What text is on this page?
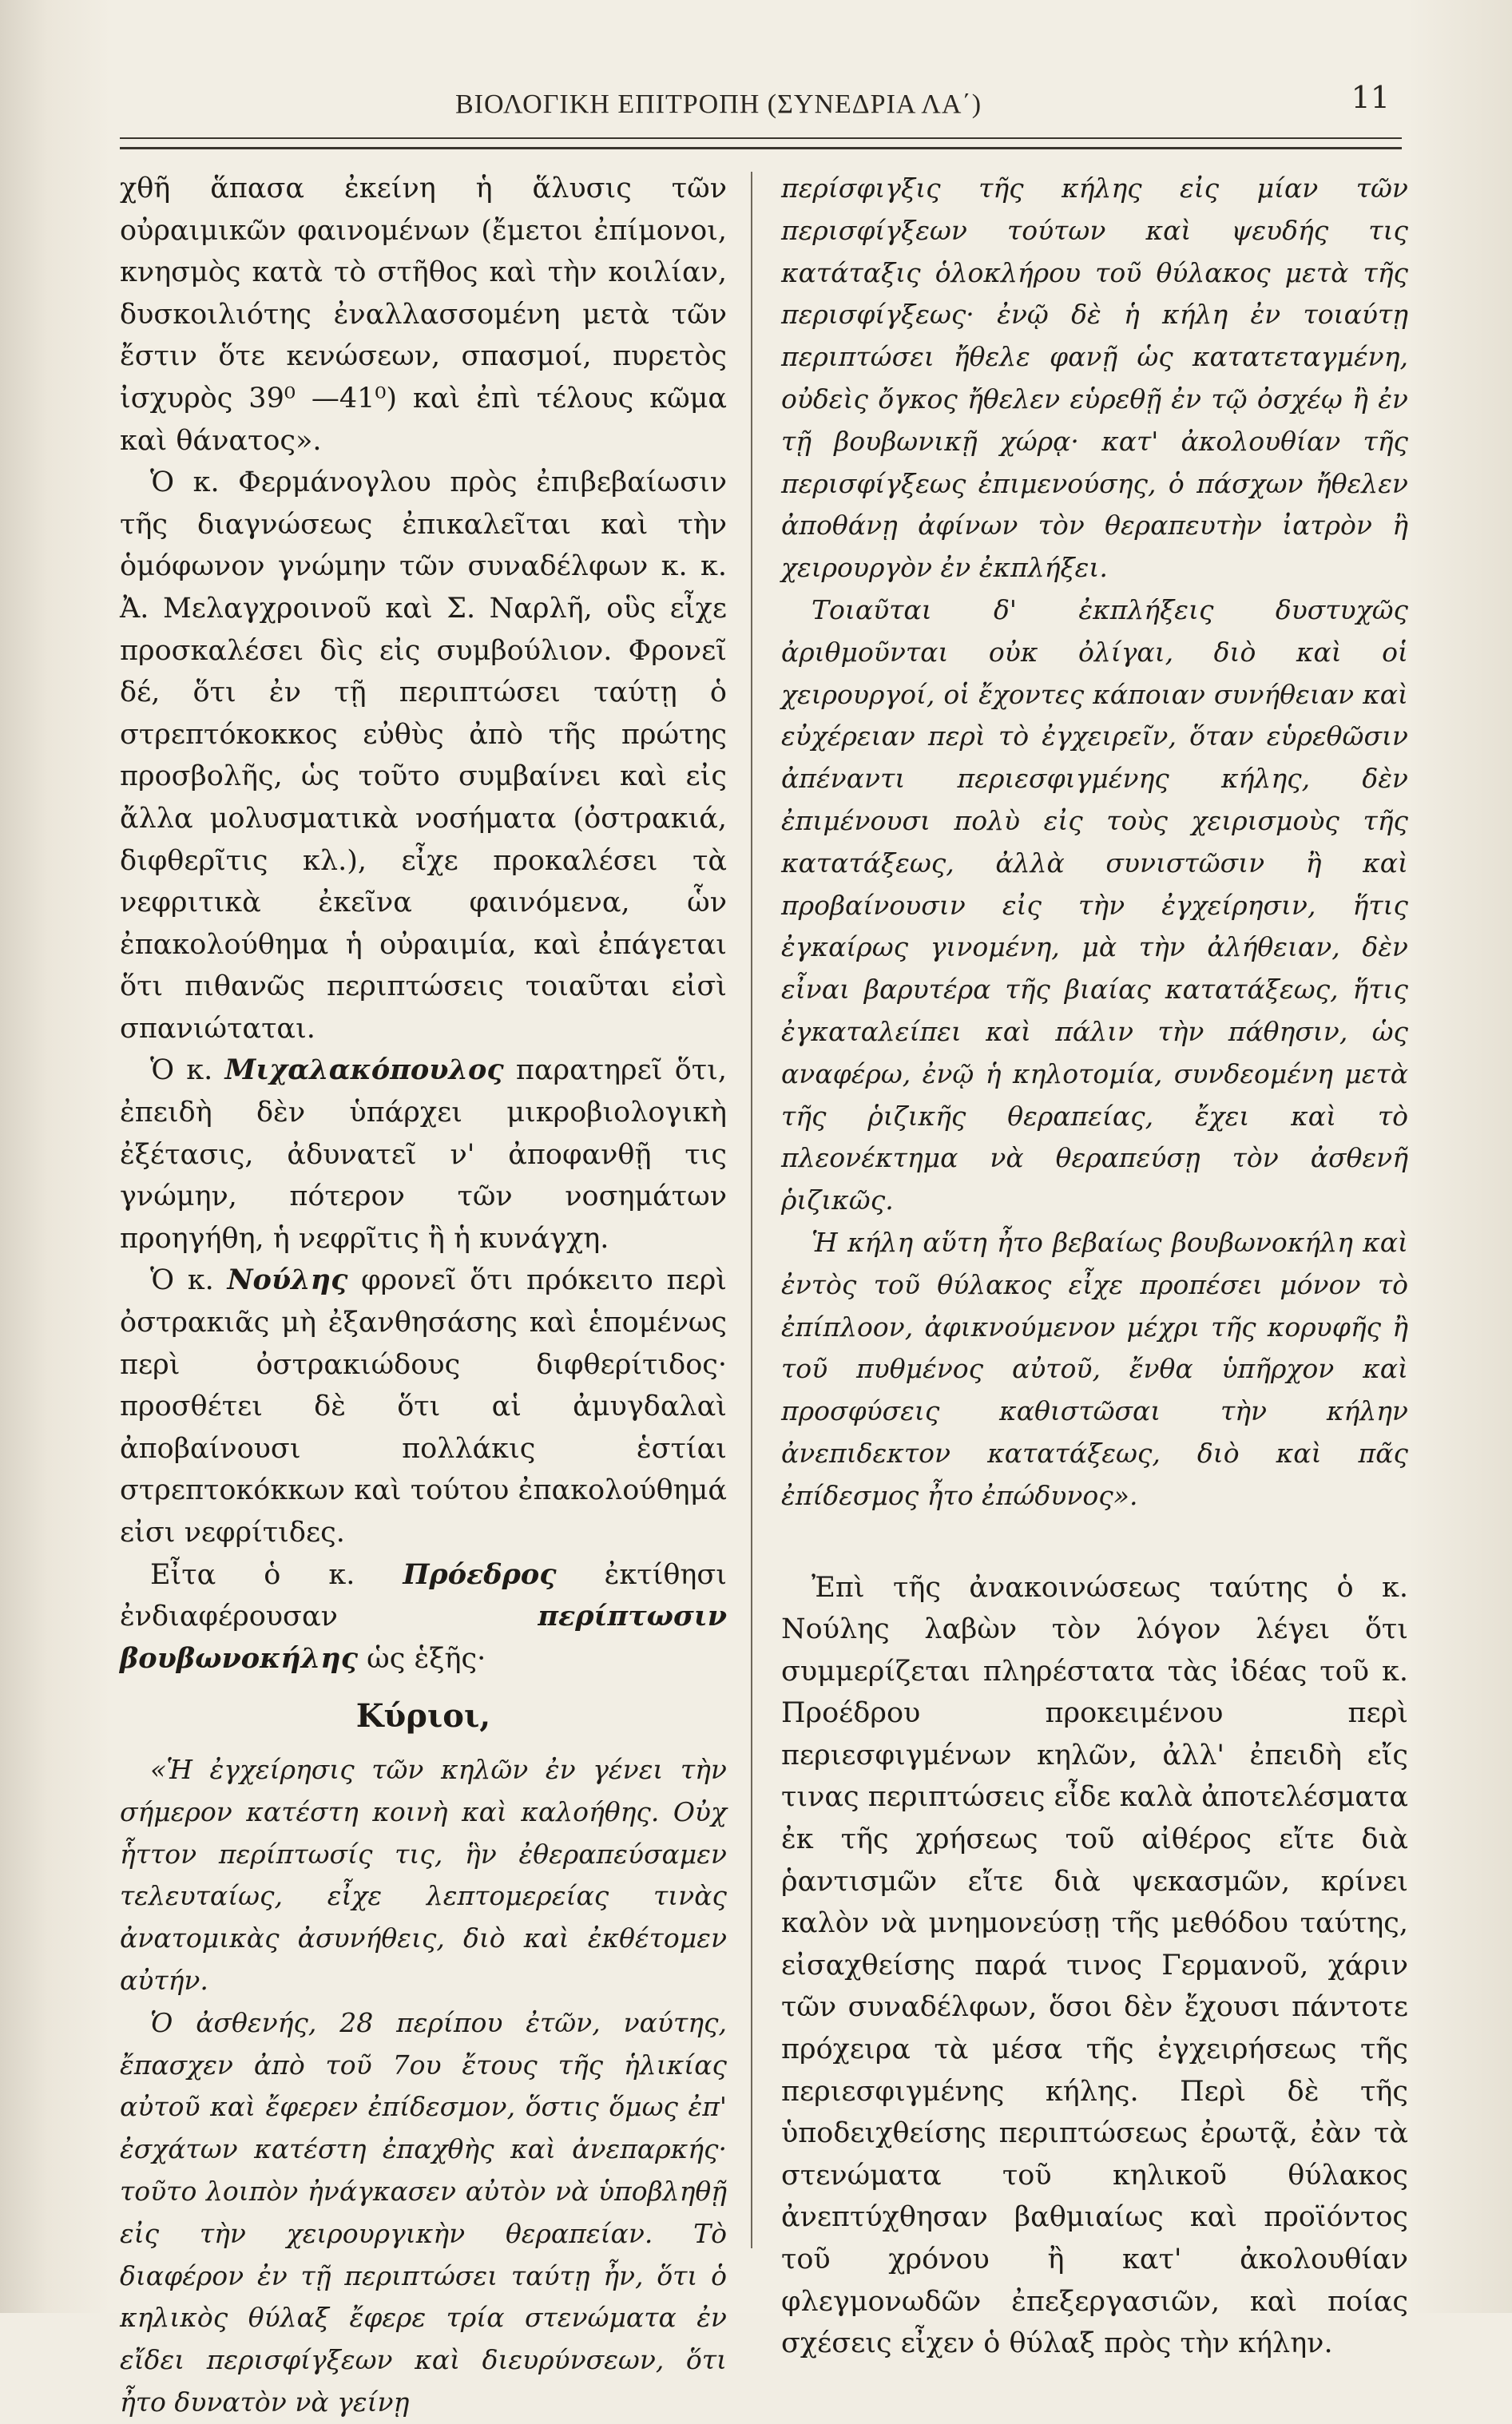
ΒΙΟΛΟΓΙΚΗ ΕΠΙΤΡΟΠΗ (ΣΥΝΕΔΡΙΑ ΛΑ΄)	11

χθῆ ἅπασα ἐκείνη ἡ ἅλυσις τῶν οὐραιμικῶν φαινομένων (ἔμετοι ἐπίμονοι, κνησμὸς κατὰ τὸ στῆθος καὶ τὴν κοιλίαν, δυσκοιλιότης ἐναλλασσομένη μετὰ τῶν ἔστιν ὅτε κενώσεων, σπασμοί, πυρετὸς ἰσχυρὸς 39⁰ —41⁰) καὶ ἐπὶ τέλους κῶμα καὶ θάνατος».

Ὁ κ. Φερμάνογλου πρὸς ἐπιβεβαίωσιν τῆς διαγνώσεως ἐπικαλεῖται καὶ τὴν ὁμόφωνον γνώμην τῶν συναδέλφων κ. κ. Ἀ. Μελαγχροινοῦ καὶ Σ. Ναρλῆ, οὓς εἶχε προσκαλέσει δὶς εἰς συμβούλιον. Φρονεῖ δέ, ὅτι ἐν τῇ περιπτώσει ταύτῃ ὁ στρεπτόκοκκος εὐθὺς ἀπὸ τῆς πρώτης προσβολῆς, ὡς τοῦτο συμβαίνει καὶ εἰς ἄλλα μολυσματικὰ νοσήματα (ὀστρακιά, διφθερῖτις κλ.), εἶχε προκαλέσει τὰ νεφριτικὰ ἐκεῖνα φαινόμενα, ὧν ἐπακολούθημα ἡ οὐραιμία, καὶ ἐπάγεται ὅτι πιθανῶς περιπτώσεις τοιαῦται εἰσὶ σπανιώταται.

Ὁ κ. Μιχαλακόπουλος παρατηρεῖ ὅτι, ἐπειδὴ δὲν ὑπάρχει μικροβιολογικὴ ἐξέτασις, ἀδυνατεῖ ν' ἀποφανθῇ τις γνώμην, πότερον τῶν νοσημάτων προηγήθη, ἡ νεφρῖτις ἢ ἡ κυνάγχη.

Ὁ κ. Νούλης φρονεῖ ὅτι πρόκειτο περὶ ὀστρακιᾶς μὴ ἐξανθησάσης καὶ ἑπομένως περὶ ὀστρακιώδους διφθερίτιδος· προσθέτει δὲ ὅτι αἱ ἀμυγδαλαὶ ἀποβαίνουσι πολλάκις ἑστίαι στρεπτοκόκκων καὶ τούτου ἐπακολούθημά εἰσι νεφρίτιδες.

Εἶτα ὁ κ. Πρόεδρος ἐκτίθησι ἐνδιαφέρουσαν περίπτωσιν βουβωνοκήλης ὡς ἑξῆς·

Κύριοι,

«Ἡ ἐγχείρησις τῶν κηλῶν ἐν γένει τὴν σήμερον κατέστη κοινὴ καὶ καλοήθης. Οὐχ ἧττον περίπτωσίς τις, ἣν ἐθεραπεύσαμεν τελευταίως, εἶχε λεπτομερείας τινὰς ἀνατομικὰς ἀσυνήθεις, διὸ καὶ ἐκθέτομεν αὐτήν.

Ὁ ἀσθενής, 28 περίπου ἐτῶν, ναύτης, ἔπασχεν ἀπὸ τοῦ 7ου ἔτους τῆς ἡλικίας αὐτοῦ καὶ ἔφερεν ἐπίδεσμον, ὅστις ὅμως ἐπ' ἐσχάτων κατέστη ἐπαχθὴς καὶ ἀνεπαρκής· τοῦτο λοιπὸν ἠνάγκασεν αὐτὸν νὰ ὑποβληθῇ εἰς τὴν χειρουργικὴν θεραπείαν. Τὸ διαφέρον ἐν τῇ περιπτώσει ταύτῃ ἦν, ὅτι ὁ κηλικὸς θύλαξ ἔφερε τρία στενώματα ἐν εἴδει περισφίγξεων καὶ διευρύνσεων, ὅτι ἦτο δυνατὸν νὰ γείνῃ

περίσφιγξις τῆς κήλης εἰς μίαν τῶν περισφίγξεων τούτων καὶ ψευδής τις κατάταξις ὁλοκλήρου τοῦ θύλακος μετὰ τῆς περισφίγξεως· ἐνῷ δὲ ἡ κήλη ἐν τοιαύτῃ περιπτώσει ἤθελε φανῇ ὡς κατατεταγμένη, οὐδεὶς ὄγκος ἤθελεν εὑρεθῇ ἐν τῷ ὀσχέῳ ἢ ἐν τῇ βουβωνικῇ χώρᾳ· κατ' ἀκολουθίαν τῆς περισφίγξεως ἐπιμενούσης, ὁ πάσχων ἤθελεν ἀποθάνῃ ἀφίνων τὸν θεραπευτὴν ἰατρὸν ἢ χειρουργὸν ἐν ἐκπλήξει.

Τοιαῦται δ' ἐκπλήξεις δυστυχῶς ἀριθμοῦνται οὐκ ὀλίγαι, διὸ καὶ οἱ χειρουργοί, οἱ ἔχοντες κάποιαν συνήθειαν καὶ εὐχέρειαν περὶ τὸ ἐγχειρεῖν, ὅταν εὑρεθῶσιν ἀπέναντι περιεσφιγμένης κήλης, δὲν ἐπιμένουσι πολὺ εἰς τοὺς χειρισμοὺς τῆς κατατάξεως, ἀλλὰ συνιστῶσιν ἢ καὶ προβαίνουσιν εἰς τὴν ἐγχείρησιν, ἥτις ἐγκαίρως γινομένη, μὰ τὴν ἀλήθειαν, δὲν εἶναι βαρυτέρα τῆς βιαίας κατατάξεως, ἥτις ἐγκαταλείπει καὶ πάλιν τὴν πάθησιν, ὡς αναφέρω, ἐνῷ ἡ κηλοτομία, συνδεομένη μετὰ τῆς ῥιζικῆς θεραπείας, ἔχει καὶ τὸ πλεονέκτημα νὰ θεραπεύσῃ τὸν ἀσθενῆ ῥιζικῶς.

Ἡ κήλη αὕτη ἦτο βεβαίως βουβωνοκήλη καὶ ἐντὸς τοῦ θύλακος εἶχε προπέσει μόνον τὸ ἐπίπλοον, ἀφικνούμενον μέχρι τῆς κορυφῆς ἢ τοῦ πυθμένος αὐτοῦ, ἔνθα ὑπῆρχον καὶ προσφύσεις καθιστῶσαι τὴν κήλην ἀνεπιδεκτον κατατάξεως, διὸ καὶ πᾶς ἐπίδεσμος ἦτο ἐπώδυνος».

Ἐπὶ τῆς ἀνακοινώσεως ταύτης ὁ κ. Νούλης λαβὼν τὸν λόγον λέγει ὅτι συμμερίζεται πληρέστατα τὰς ἰδέας τοῦ κ. Προέδρου προκειμένου περὶ περιεσφιγμένων κηλῶν, ἀλλ' ἐπειδὴ εἴς τινας περιπτώσεις εἶδε καλὰ ἀποτελέσματα ἐκ τῆς χρήσεως τοῦ αἰθέρος εἴτε διὰ ῥαντισμῶν εἴτε διὰ ψεκασμῶν, κρίνει καλὸν νὰ μνημονεύσῃ τῆς μεθόδου ταύτης, εἰσαχθείσης παρά τινος Γερμανοῦ, χάριν τῶν συναδέλφων, ὅσοι δὲν ἔχουσι πάντοτε πρόχειρα τὰ μέσα τῆς ἐγχειρήσεως τῆς περιεσφιγμένης κήλης. Περὶ δὲ τῆς ὑποδειχθείσης περιπτώσεως ἐρωτᾷ, ἐὰν τὰ στενώματα τοῦ κηλικοῦ θύλακος ἀνεπτύχθησαν βαθμιαίως καὶ προϊόντος τοῦ χρόνου ἢ κατ' ἀκολουθίαν φλεγμονωδῶν ἐπεξεργασιῶν, καὶ ποίας σχέσεις εἶχεν ὁ θύλαξ πρὸς τὴν κήλην.
